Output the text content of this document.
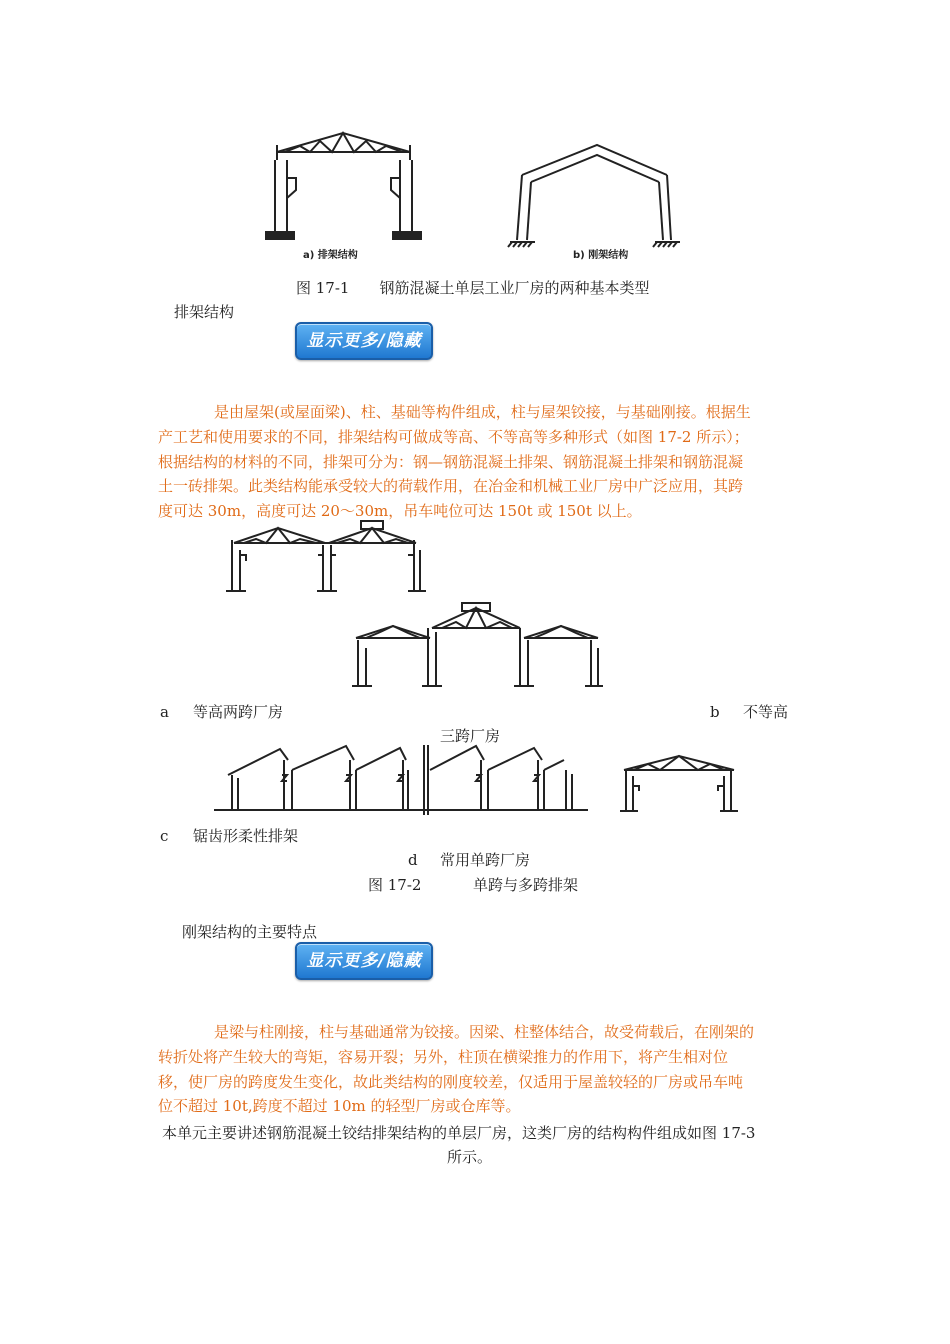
a) 排架结构	b) 刚架结构
图 17-1　　钢筋混凝土单层工业厂房的两种基本类型
排架结构
显示更多/隐藏
是由屋架(或屋面梁)、柱、基础等构件组成，柱与屋架铰接，与基础刚接。根据生
产工艺和使用要求的不同，排架结构可做成等高、不等高等多种形式（如图 17-2 所示）；
根据结构的材料的不同，排架可分为：钢—钢筋混凝土排架、钢筋混凝土排架和钢筋混凝
土一砖排架。此类结构能承受较大的荷载作用，在冶金和机械工业厂房中广泛应用，其跨
度可达 30m，高度可达 20～30m，吊车吨位可达 150t 或 150t 以上。
a 等高两跨厂房	b 不等高
三跨厂房
c 锯齿形柔性排架
d 常用单跨厂房
图 17-2	单跨与多跨排架
刚架结构的主要特点
显示更多/隐藏
是梁与柱刚接，柱与基础通常为铰接。因梁、柱整体结合，故受荷载后，在刚架的
转折处将产生较大的弯矩，容易开裂；另外，柱顶在横梁推力的作用下，将产生相对位
移，使厂房的跨度发生变化，故此类结构的刚度较差，仅适用于屋盖较轻的厂房或吊车吨
位不超过 10t,跨度不超过 10m 的轻型厂房或仓库等。
本单元主要讲述钢筋混凝土铰结排架结构的单层厂房，这类厂房的结构构件组成如图 17-3
所示。
